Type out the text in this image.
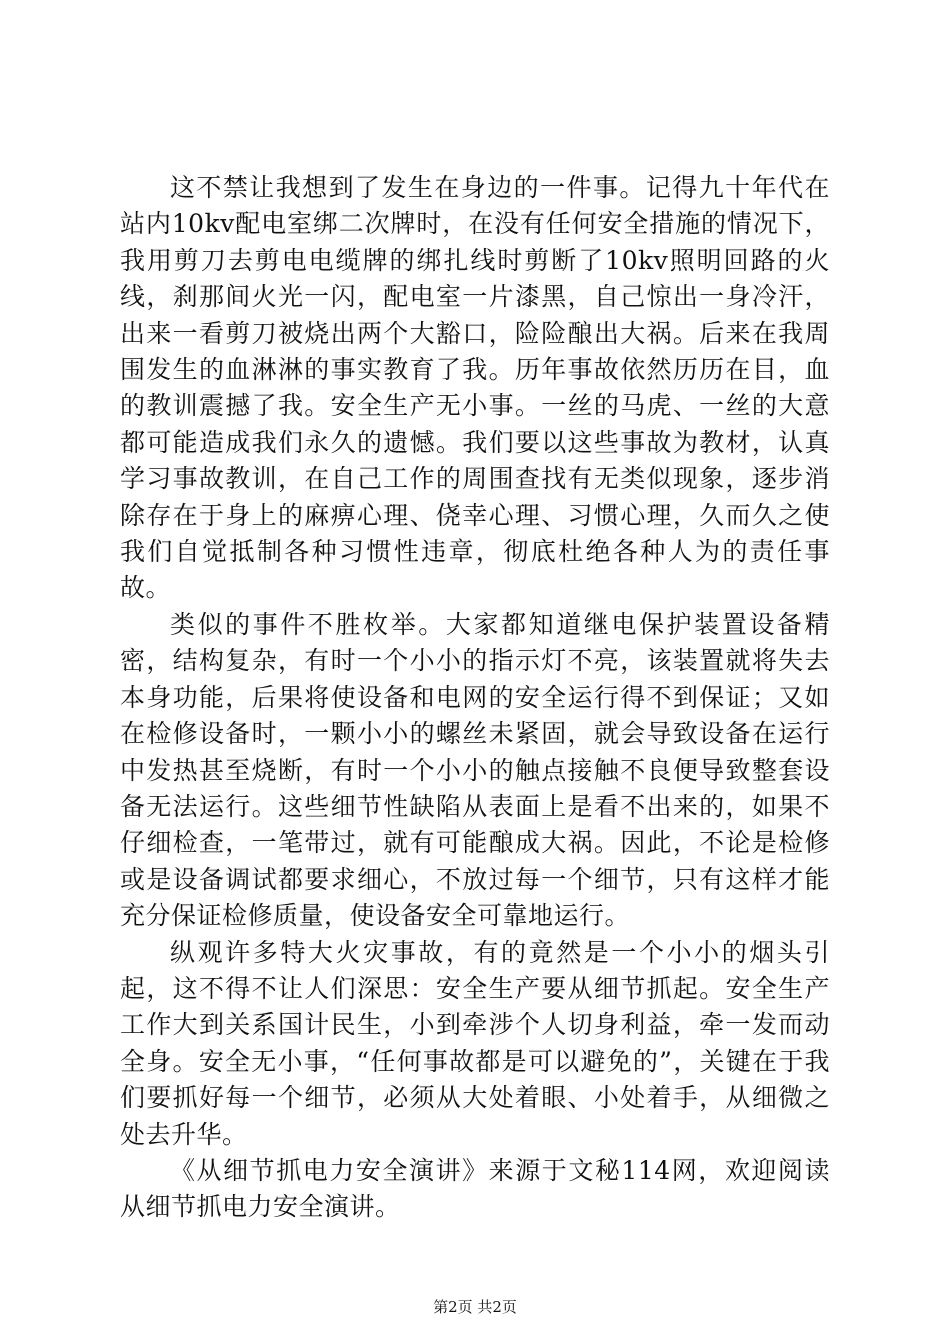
这不禁让我想到了发生在身边的一件事。记得九十年代在站内10kv配电室绑二次牌时，在没有任何安全措施的情况下，我用剪刀去剪电电缆牌的绑扎线时剪断了10kv照明回路的火线，刹那间火光一闪，配电室一片漆黑，自己惊出一身冷汗，出来一看剪刀被烧出两个大豁口，险险酿出大祸。后来在我周围发生的血淋淋的事实教育了我。历年事故依然历历在目，血的教训震撼了我。安全生产无小事。一丝的马虎、一丝的大意都可能造成我们永久的遗憾。我们要以这些事故为教材，认真学习事故教训，在自己工作的周围查找有无类似现象，逐步消除存在于身上的麻痹心理、侥幸心理、习惯心理，久而久之使我们自觉抵制各种习惯性违章，彻底杜绝各种人为的责任事故。

类似的事件不胜枚举。大家都知道继电保护装置设备精密，结构复杂，有时一个小小的指示灯不亮，该装置就将失去本身功能，后果将使设备和电网的安全运行得不到保证；又如在检修设备时，一颗小小的螺丝未紧固，就会导致设备在运行中发热甚至烧断，有时一个小小的触点接触不良便导致整套设备无法运行。这些细节性缺陷从表面上是看不出来的，如果不仔细检查，一笔带过，就有可能酿成大祸。因此，不论是检修或是设备调试都要求细心，不放过每一个细节，只有这样才能充分保证检修质量，使设备安全可靠地运行。

纵观许多特大火灾事故，有的竟然是一个小小的烟头引起，这不得不让人们深思：安全生产要从细节抓起。安全生产工作大到关系国计民生，小到牵涉个人切身利益，牵一发而动全身。安全无小事，“任何事故都是可以避免的”，关键在于我们要抓好每一个细节，必须从大处着眼、小处着手，从细微之处去升华。

《从细节抓电力安全演讲》来源于文秘114网，欢迎阅读从细节抓电力安全演讲。

第2页 共2页
